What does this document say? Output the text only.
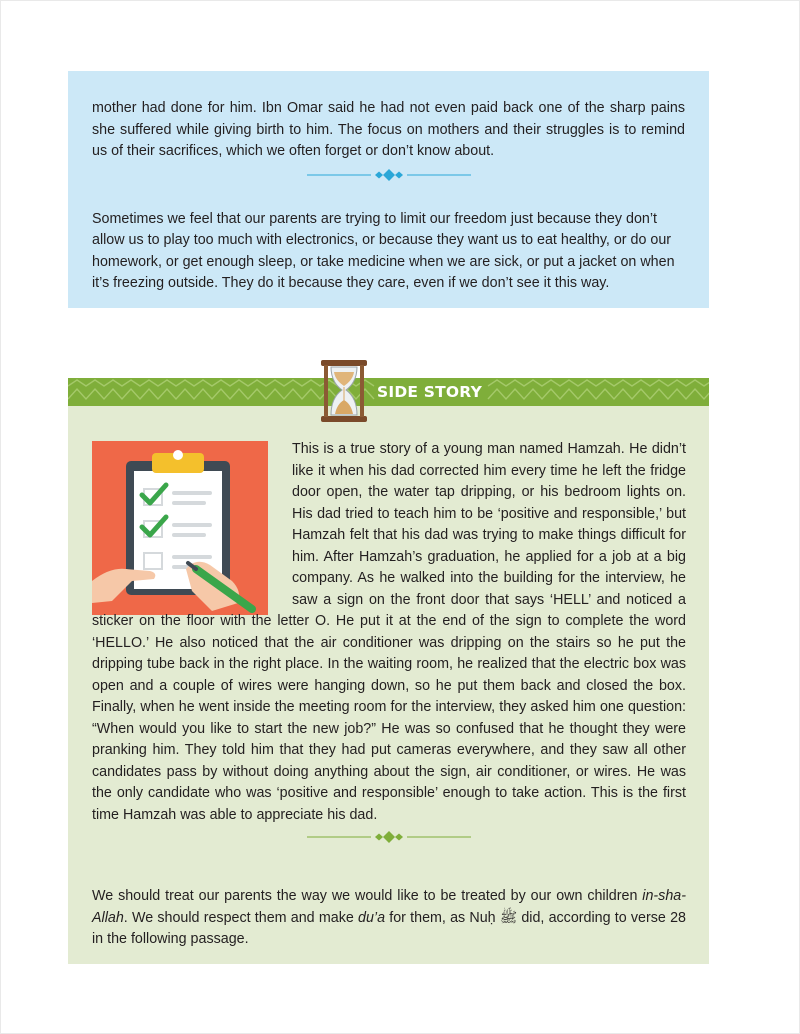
mother had done for him. Ibn Omar said he had not even paid back one of the sharp pains she suffered while giving birth to him. The focus on mothers and their struggles is to remind us of their sacrifices, which we often forget or don’t know about.

Sometimes we feel that our parents are trying to limit our freedom just because they don’t allow us to play too much with electronics, or because they want us to eat healthy, or do our homework, or get enough sleep, or take medicine when we are sick, or put a jacket on when it’s freezing outside. They do it because they care, even if we don’t see it this way.

SIDE STORY

This is a true story of a young man named Hamzah. He didn’t like it when his dad corrected him every time he left the fridge door open, the water tap dripping, or his bedroom lights on. His dad tried to teach him to be ‘positive and responsible,’ but Hamzah felt that his dad was trying to make things difficult for him. After Hamzah’s graduation, he applied for a job at a big company. As he walked into the building for the interview, he saw a sign on the front door that says ‘HELL’ and noticed a sticker on the floor with the letter O. He put it at the end of the sign to complete the word ‘HELLO.’ He also noticed that the air conditioner was dripping on the stairs so he put the dripping tube back in the right place. In the waiting room, he realized that the electric box was open and a couple of wires were hanging down, so he put them back and closed the box. Finally, when he went inside the meeting room for the interview, they asked him one question: “When would you like to start the new job?” He was so confused that he thought they were pranking him. They told him that they had put cameras everywhere, and they saw all other candidates pass by without doing anything about the sign, air conditioner, or wires. He was the only candidate who was ‘positive and responsible’ enough to take action. This is the first time Hamzah was able to appreciate his dad.

We should treat our parents the way we would like to be treated by our own children in-sha-Allah. We should respect them and make du’a for them, as Nuḥ ﷺ did, according to verse 28 in the following passage.
